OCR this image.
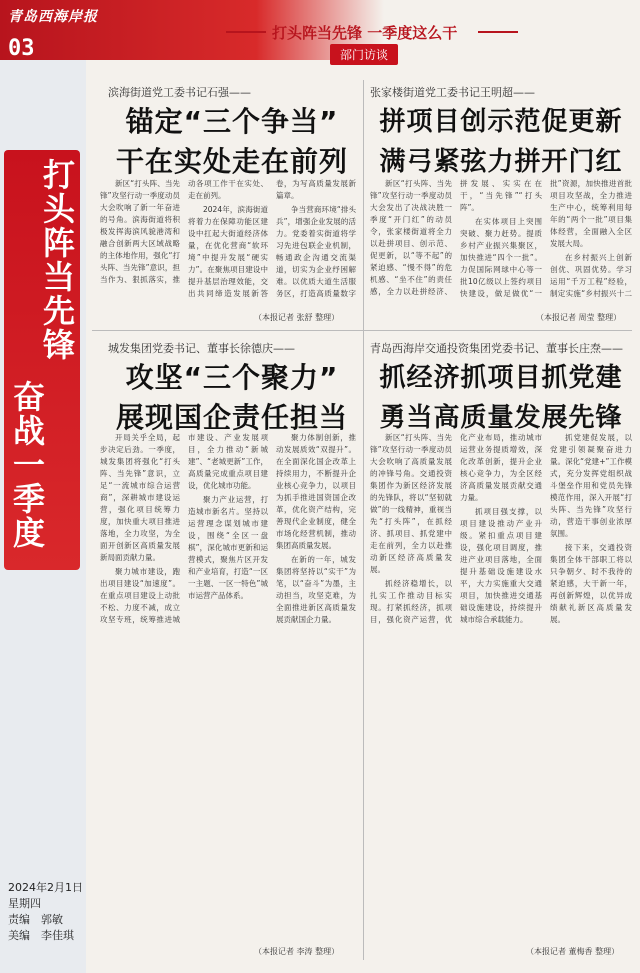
青岛西海岸报
03
打头阵当先锋 一季度这么干
部门访谈
打头阵当先锋
奋战一季度
2024年2月1日
星期四
责编　郭敏
美编　李佳琪
滨海街道党工委书记石强——
锚定“三个争当”
干在实处走在前列

新区“打头阵、当先锋”攻坚行动一季度动员大会吹响了新一年奋进的号角。滨海街道将积极发挥海滨风貌港湾和融合创新两大区域战略的主体地作用，强化“打头阵、当先锋”意识，担当作为、狠抓落实，推动各项工作干在实处、走在前列。

2024年，滨海街道将着力在保障功能区建设中扛起大街道经济体量，在优化营商“软环境”中提升发展“硬实力”。在聚焦项目建设中提升基层治理效能，交出共同缔造发展新答卷，为写高质量发展新篇章。

争当营商环境“排头兵”，增强企业发展的活力。党委着实街道将学习先进包联企业机制，畅通政企沟通交流渠道，切实为企业纾困解难。以优质大道生活服务区，打造高质量数字

（本报记者 张舒 整理）
张家楼街道党工委书记王明超——
拼项目创示范促更新
满弓紧弦力拼开门红

新区“打头阵、当先锋”攻坚行动一季度动员大会发出了决战决胜一季度“开门红”的动员令，张家楼街道将全力以赴拼项目、创示范、促更新，以“等不起”的紧迫感、“慢不得”的危机感、“坐不住”的责任感，全力以赴拼经济、拼发展、实实在在干，“当先锋”“打头阵”。

在实体项目上突围突破、聚力赶势。提质乡村产业振兴集聚区，加快推进“四个一批”。力促国际网球中心等一批10亿级以上签约项目快建设，做足做优“一批”资源，加快推进首批项目攻坚战，全力推进生产中心，统筹利用每年的“两个一批”项目集体经营，全面融入全区发展大局。

在乡村振兴上创新创优、巩固优势。学习运用“千万工程”经验，制定实施“乡村振兴十二

（本报记者 周莹 整理）
城发集团党委书记、董事长徐德庆——
攻坚“三个聚力”
展现国企责任担当

开局关乎全局，起步决定后劲。一季度，城发集团将强化“打头阵、当先锋”意识，立足“一流城市综合运营商”，深耕城市建设运营，强化项目统筹力度，加快重大项目推进落地，全力攻坚，为全面开创新区高质量发展新局面贡献力量。

聚力城市建设，跑出项目建设“加速度”。在重点项目建设上动批不松、力度不减，成立攻坚专班，统筹推进城市建设、产业发展项目，全力推动“新城建”、“老城更新”工作，高质量完成重点项目建设，优化城市功能。

聚力产业运营，打造城市新名片。坚持以运营理念谋划城市建设，围绕“全区一盘棋”，深化城市更新和运营模式，聚焦片区开发和产业培育，打造“一区一主题、一区一特色”城市运营产品体系。

聚力体制创新，推动发展质效“双提升”。在全面深化国企改革上持续用力，不断提升企业核心竞争力，以项目为抓手推进国资国企改革，优化资产结构，完善现代企业制度，健全市场化经营机制，推动集团高质量发展。

在新的一年，城发集团将坚持以“实干”为笔，以“奋斗”为墨，主动担当，攻坚克难，为全面推进新区高质量发展贡献国企力量。

（本报记者 李涛 整理）
青岛西海岸交通投资集团党委书记、董事长庄焘——
抓经济抓项目抓党建
勇当高质量发展先锋

新区“打头阵、当先锋”攻坚行动一季度动员大会吹响了高质量发展的冲锋号角。交通投资集团作为新区经济发展的先锋队，将以“坚韧就做”的一线精神，重视当先“打头阵”，在抓经济、抓项目、抓党建中走在前列，全力以赴推动新区经济高质量发展。

抓经济稳增长，以扎实工作推动目标实现。打紧抓经济，抓项目，强化资产运营，优化产业布局，推动城市运营业务提质增效，深化改革创新，提升企业核心竞争力，为全区经济高质量发展贡献交通力量。

抓项目强支撑，以项目建设推动产业升级。紧扣重点项目建设，强化项目调度，推进产业项目落地，全面提升基础设施建设水平，大力实施重大交通项目，加快推进交通基础设施建设，持续提升城市综合承载能力。

抓党建促发展，以党建引领凝聚奋进力量。深化“党建+”工作模式，充分发挥党组织战斗堡垒作用和党员先锋模范作用，深入开展“打头阵、当先锋”攻坚行动，营造干事创业浓厚氛围。

接下来，交通投资集团全体干部职工将以只争朝夕、时不我待的紧迫感，大干新一年，再创新辉煌，以优异成绩献礼新区高质量发展。

（本报记者 董梅香 整理）
